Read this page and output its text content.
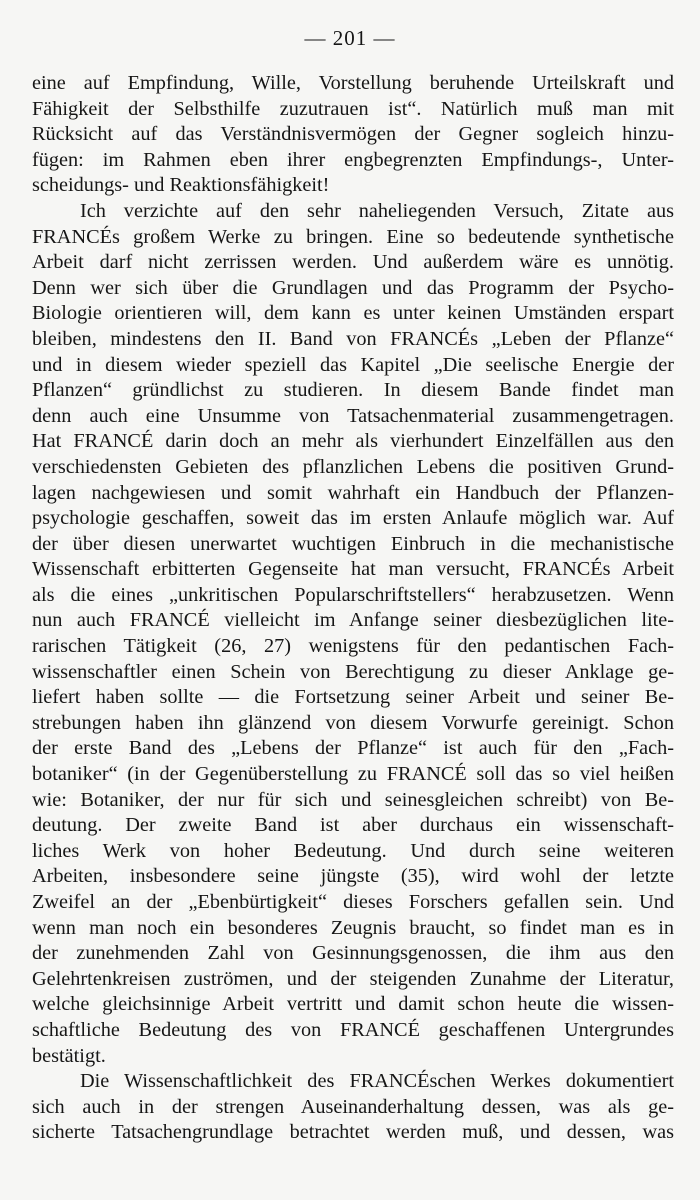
— 201 —
eine auf Empfindung, Wille, Vorstellung beruhende Urteilskraft und
Fähigkeit der Selbsthilfe zuzutrauen ist“. Natürlich muß man mit
Rücksicht auf das Verständnisvermögen der Gegner sogleich hinzu-
fügen: im Rahmen eben ihrer engbegrenzten Empfindungs-, Unter-
scheidungs- und Reaktionsfähigkeit!
Ich verzichte auf den sehr naheliegenden Versuch, Zitate aus
FRANCÉs großem Werke zu bringen. Eine so bedeutende synthetische
Arbeit darf nicht zerrissen werden. Und außerdem wäre es unnötig.
Denn wer sich über die Grundlagen und das Programm der Psycho-
Biologie orientieren will, dem kann es unter keinen Umständen erspart
bleiben, mindestens den II. Band von FRANCÉs „Leben der Pflanze“
und in diesem wieder speziell das Kapitel „Die seelische Energie der
Pflanzen“ gründlichst zu studieren. In diesem Bande findet man
denn auch eine Unsumme von Tatsachenmaterial zusammengetragen.
Hat FRANCÉ darin doch an mehr als vierhundert Einzelfällen aus den
verschiedensten Gebieten des pflanzlichen Lebens die positiven Grund-
lagen nachgewiesen und somit wahrhaft ein Handbuch der Pflanzen-
psychologie geschaffen, soweit das im ersten Anlaufe möglich war. Auf
der über diesen unerwartet wuchtigen Einbruch in die mechanistische
Wissenschaft erbitterten Gegenseite hat man versucht, FRANCÉs Arbeit
als die eines „unkritischen Popularschriftstellers“ herabzusetzen. Wenn
nun auch FRANCÉ vielleicht im Anfange seiner diesbezüglichen lite-
rarischen Tätigkeit (26, 27) wenigstens für den pedantischen Fach-
wissenschaftler einen Schein von Berechtigung zu dieser Anklage ge-
liefert haben sollte — die Fortsetzung seiner Arbeit und seiner Be-
strebungen haben ihn glänzend von diesem Vorwurfe gereinigt. Schon
der erste Band des „Lebens der Pflanze“ ist auch für den „Fach-
botaniker“ (in der Gegenüberstellung zu FRANCÉ soll das so viel heißen
wie: Botaniker, der nur für sich und seinesgleichen schreibt) von Be-
deutung. Der zweite Band ist aber durchaus ein wissenschaft-
liches Werk von hoher Bedeutung. Und durch seine weiteren
Arbeiten, insbesondere seine jüngste (35), wird wohl der letzte
Zweifel an der „Ebenbürtigkeit“ dieses Forschers gefallen sein. Und
wenn man noch ein besonderes Zeugnis braucht, so findet man es in
der zunehmenden Zahl von Gesinnungsgenossen, die ihm aus den
Gelehrtenkreisen zuströmen, und der steigenden Zunahme der Literatur,
welche gleichsinnige Arbeit vertritt und damit schon heute die wissen-
schaftliche Bedeutung des von FRANCÉ geschaffenen Untergrundes
bestätigt.
Die Wissenschaftlichkeit des FRANCÉschen Werkes dokumentiert
sich auch in der strengen Auseinanderhaltung dessen, was als ge-
sicherte Tatsachengrundlage betrachtet werden muß, und dessen, was
